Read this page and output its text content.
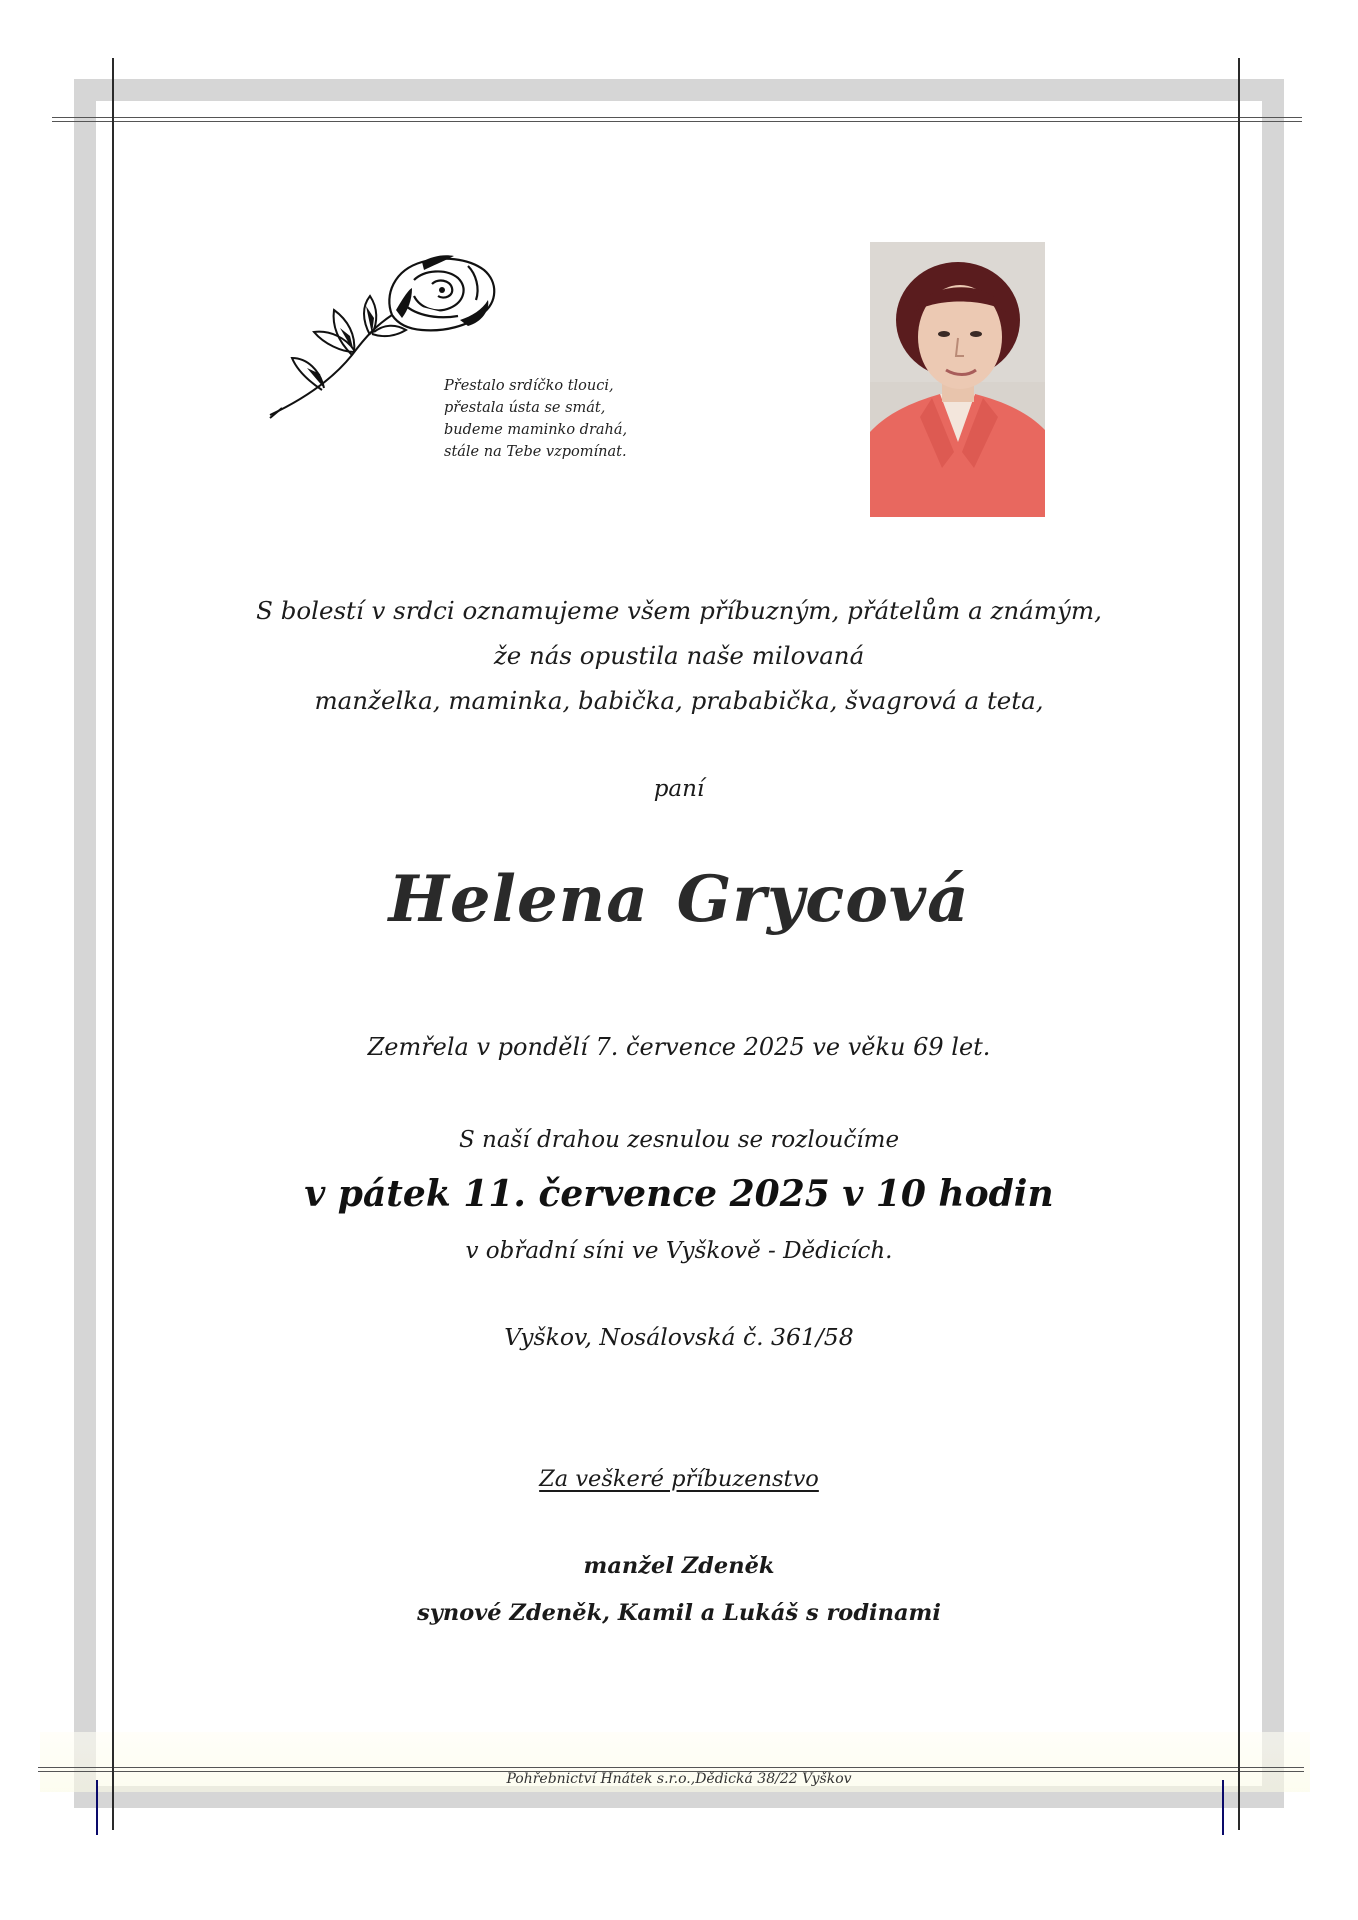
Přestalo srdíčko tlouci,
přestala ústa se smát,
budeme maminko drahá,
stále na Tebe vzpomínat.
S bolestí v srdci oznamujeme všem příbuzným, přátelům a známým,
že nás opustila naše milovaná
manželka, maminka, babička, prababička, švagrová a teta,
paní
Helena Grycová
Zemřela v pondělí 7. července 2025 ve věku 69 let.
S naší drahou zesnulou se rozloučíme
v pátek 11. července 2025 v 10 hodin
v obřadní síni ve Vyškově - Dědicích.
Vyškov, Nosálovská č. 361/58
Za veškeré příbuzenstvo
manžel Zdeněk
synové Zdeněk, Kamil a Lukáš s rodinami
Pohřebnictví Hnátek s.r.o.,Dědická 38/22 Vyškov
